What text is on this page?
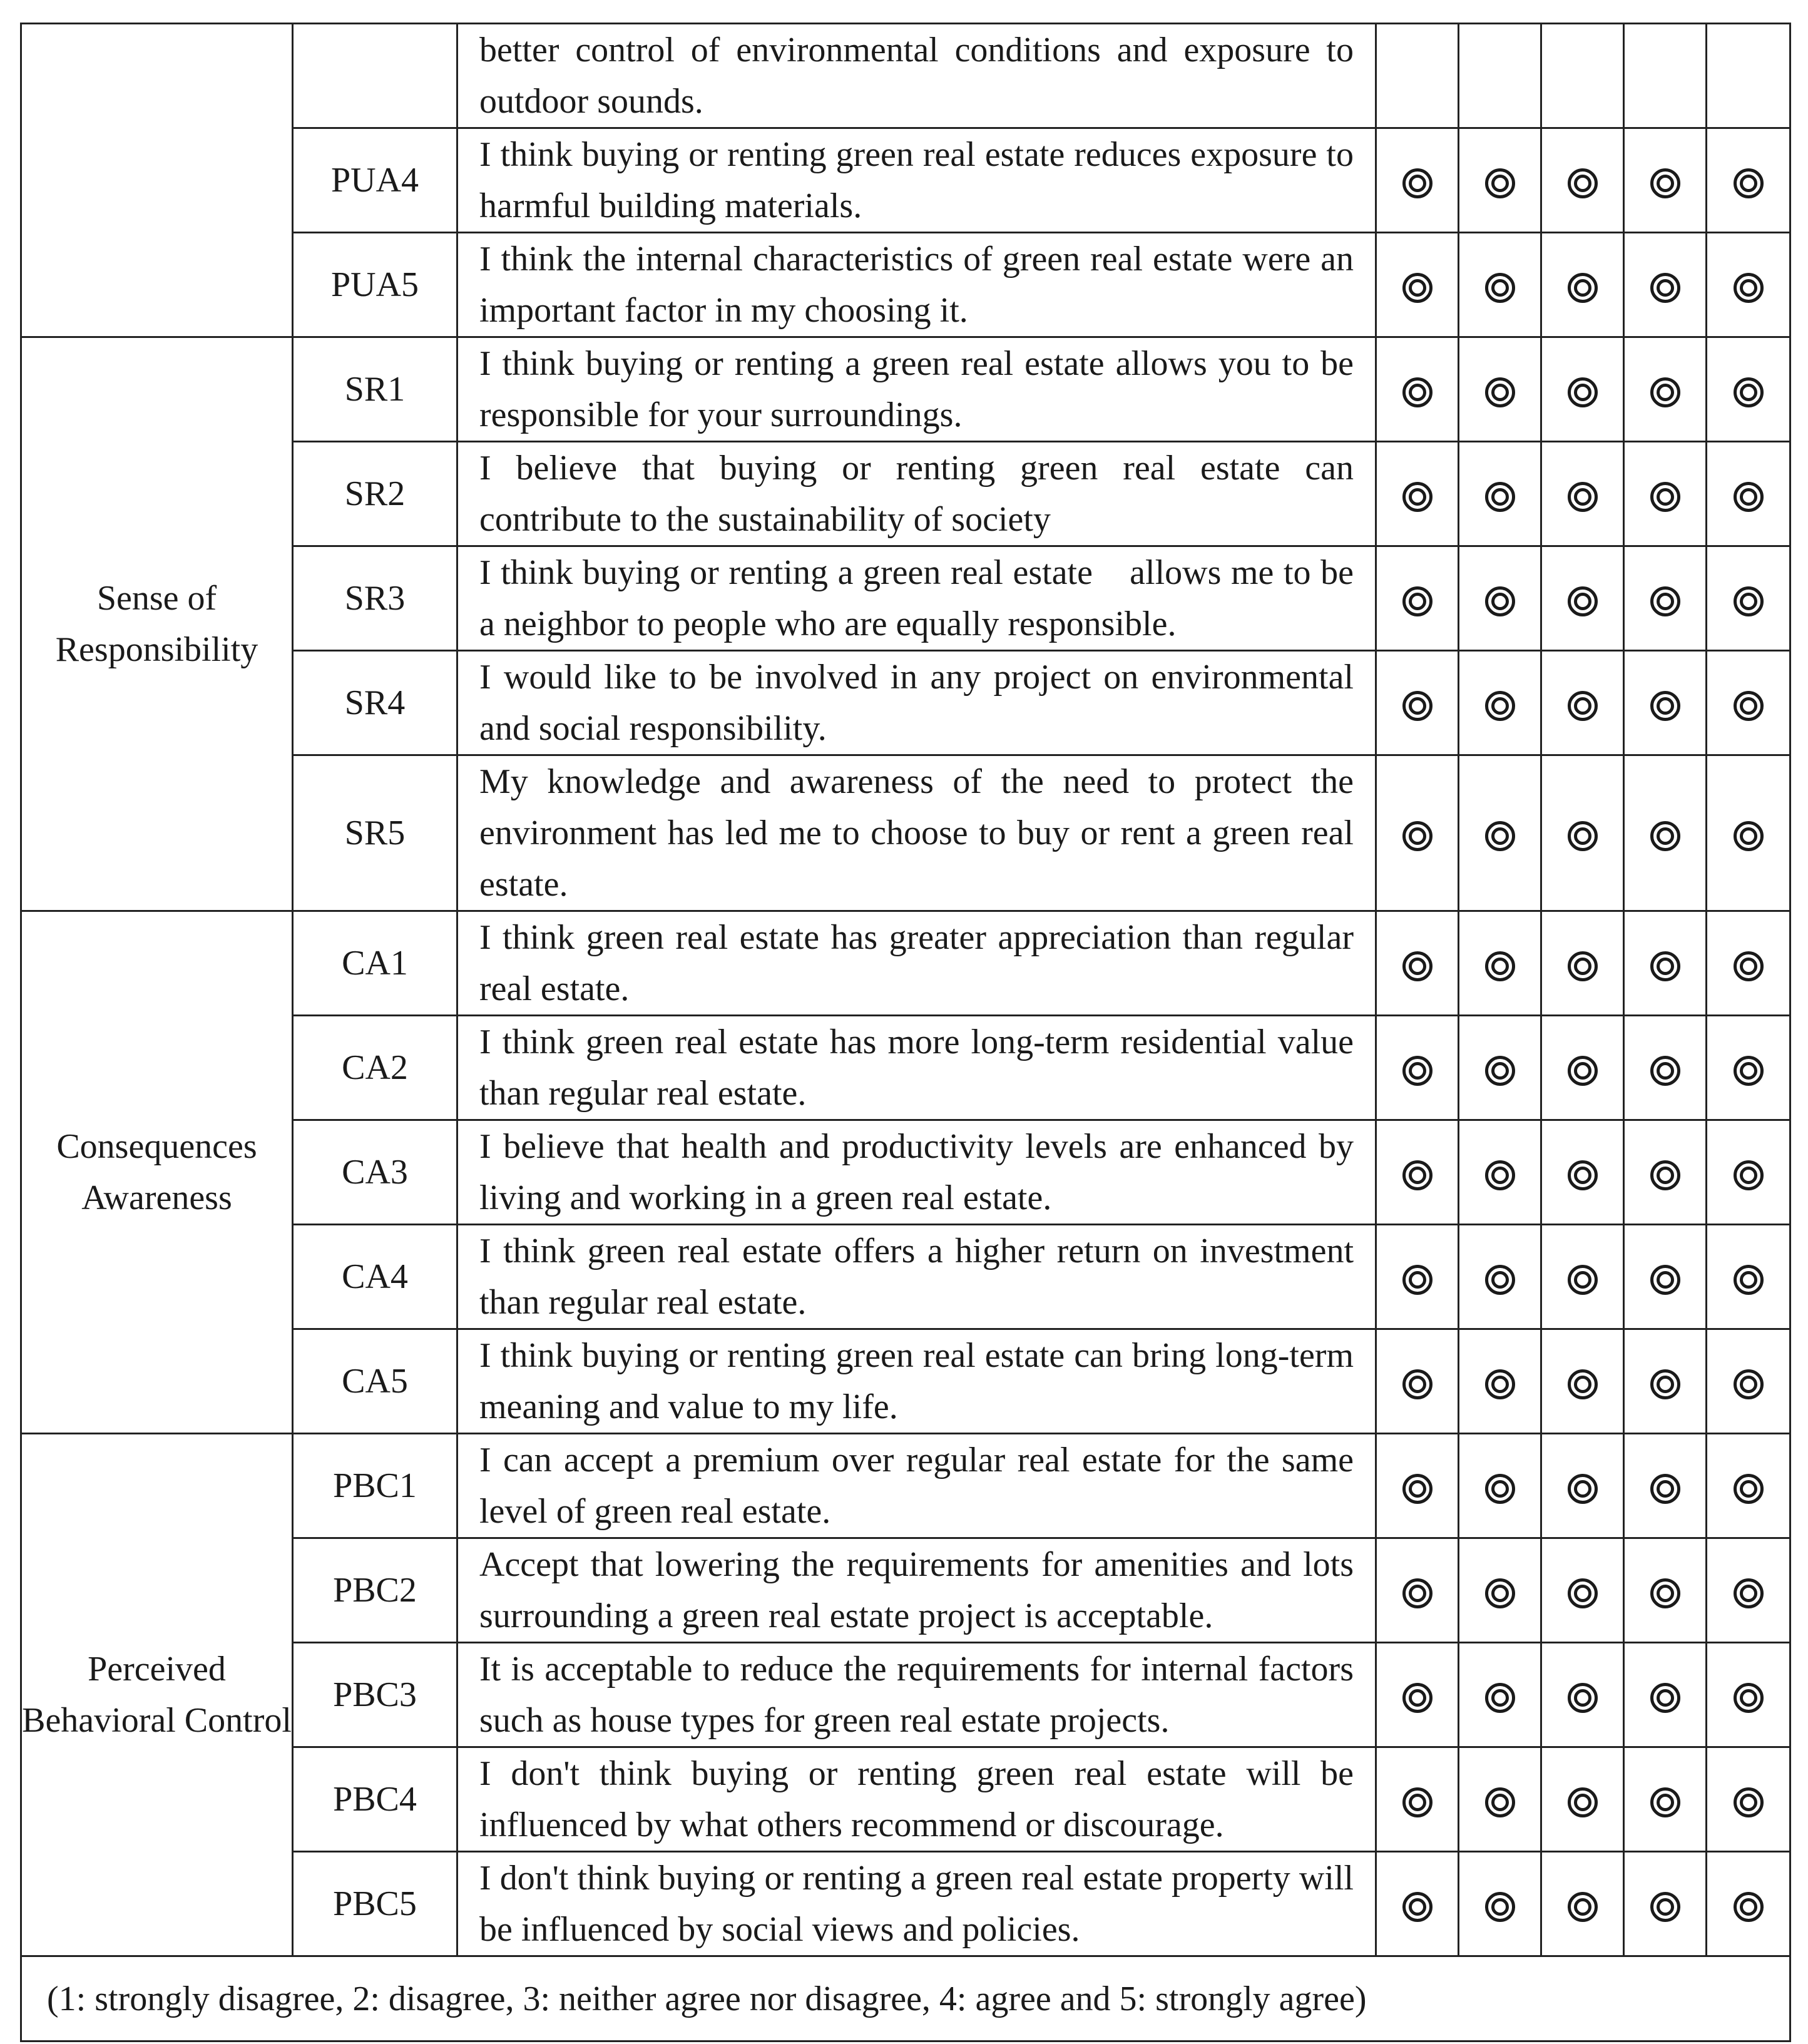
		better control of environmental conditions and exposure to outdoor sounds.					
	PUA4	I think buying or renting green real estate reduces exposure to harmful building materials.					
	PUA5	I think the internal characteristics of green real estate were an important factor in my choosing it.					
Sense of Responsibility	SR1	I think buying or renting a green real estate allows you to be responsible for your surroundings.					
	SR2	I believe that buying or renting green real estate can contribute to the sustainability of society					
	SR3	I think buying or renting a green real estate　allows me to be a neighbor to people who are equally responsible.					
	SR4	I would like to be involved in any project on environmental and social responsibility.					
	SR5	My knowledge and awareness of the need to protect the environment has led me to choose to buy or rent a green real estate.					
Consequences Awareness	CA1	I think green real estate has greater appreciation than regular real estate.					
	CA2	I think green real estate has more long-term residential value than regular real estate.					
	CA3	I believe that health and productivity levels are enhanced by living and working in a green real estate.					
	CA4	I think green real estate offers a higher return on investment than regular real estate.					
	CA5	I think buying or renting green real estate can bring long-term meaning and value to my life.					
Perceived Behavioral Control	PBC1	I can accept a premium over regular real estate for the same level of green real estate.					
	PBC2	Accept that lowering the requirements for amenities and lots surrounding a green real estate project is acceptable.					
	PBC3	It is acceptable to reduce the requirements for internal factors such as house types for green real estate projects.					
	PBC4	I don't think buying or renting green real estate will be influenced by what others recommend or discourage.					
	PBC5	I don't think buying or renting a green real estate property will be influenced by social views and policies.					
(1: strongly disagree, 2: disagree, 3: neither agree nor disagree, 4: agree and 5: strongly agree)							
